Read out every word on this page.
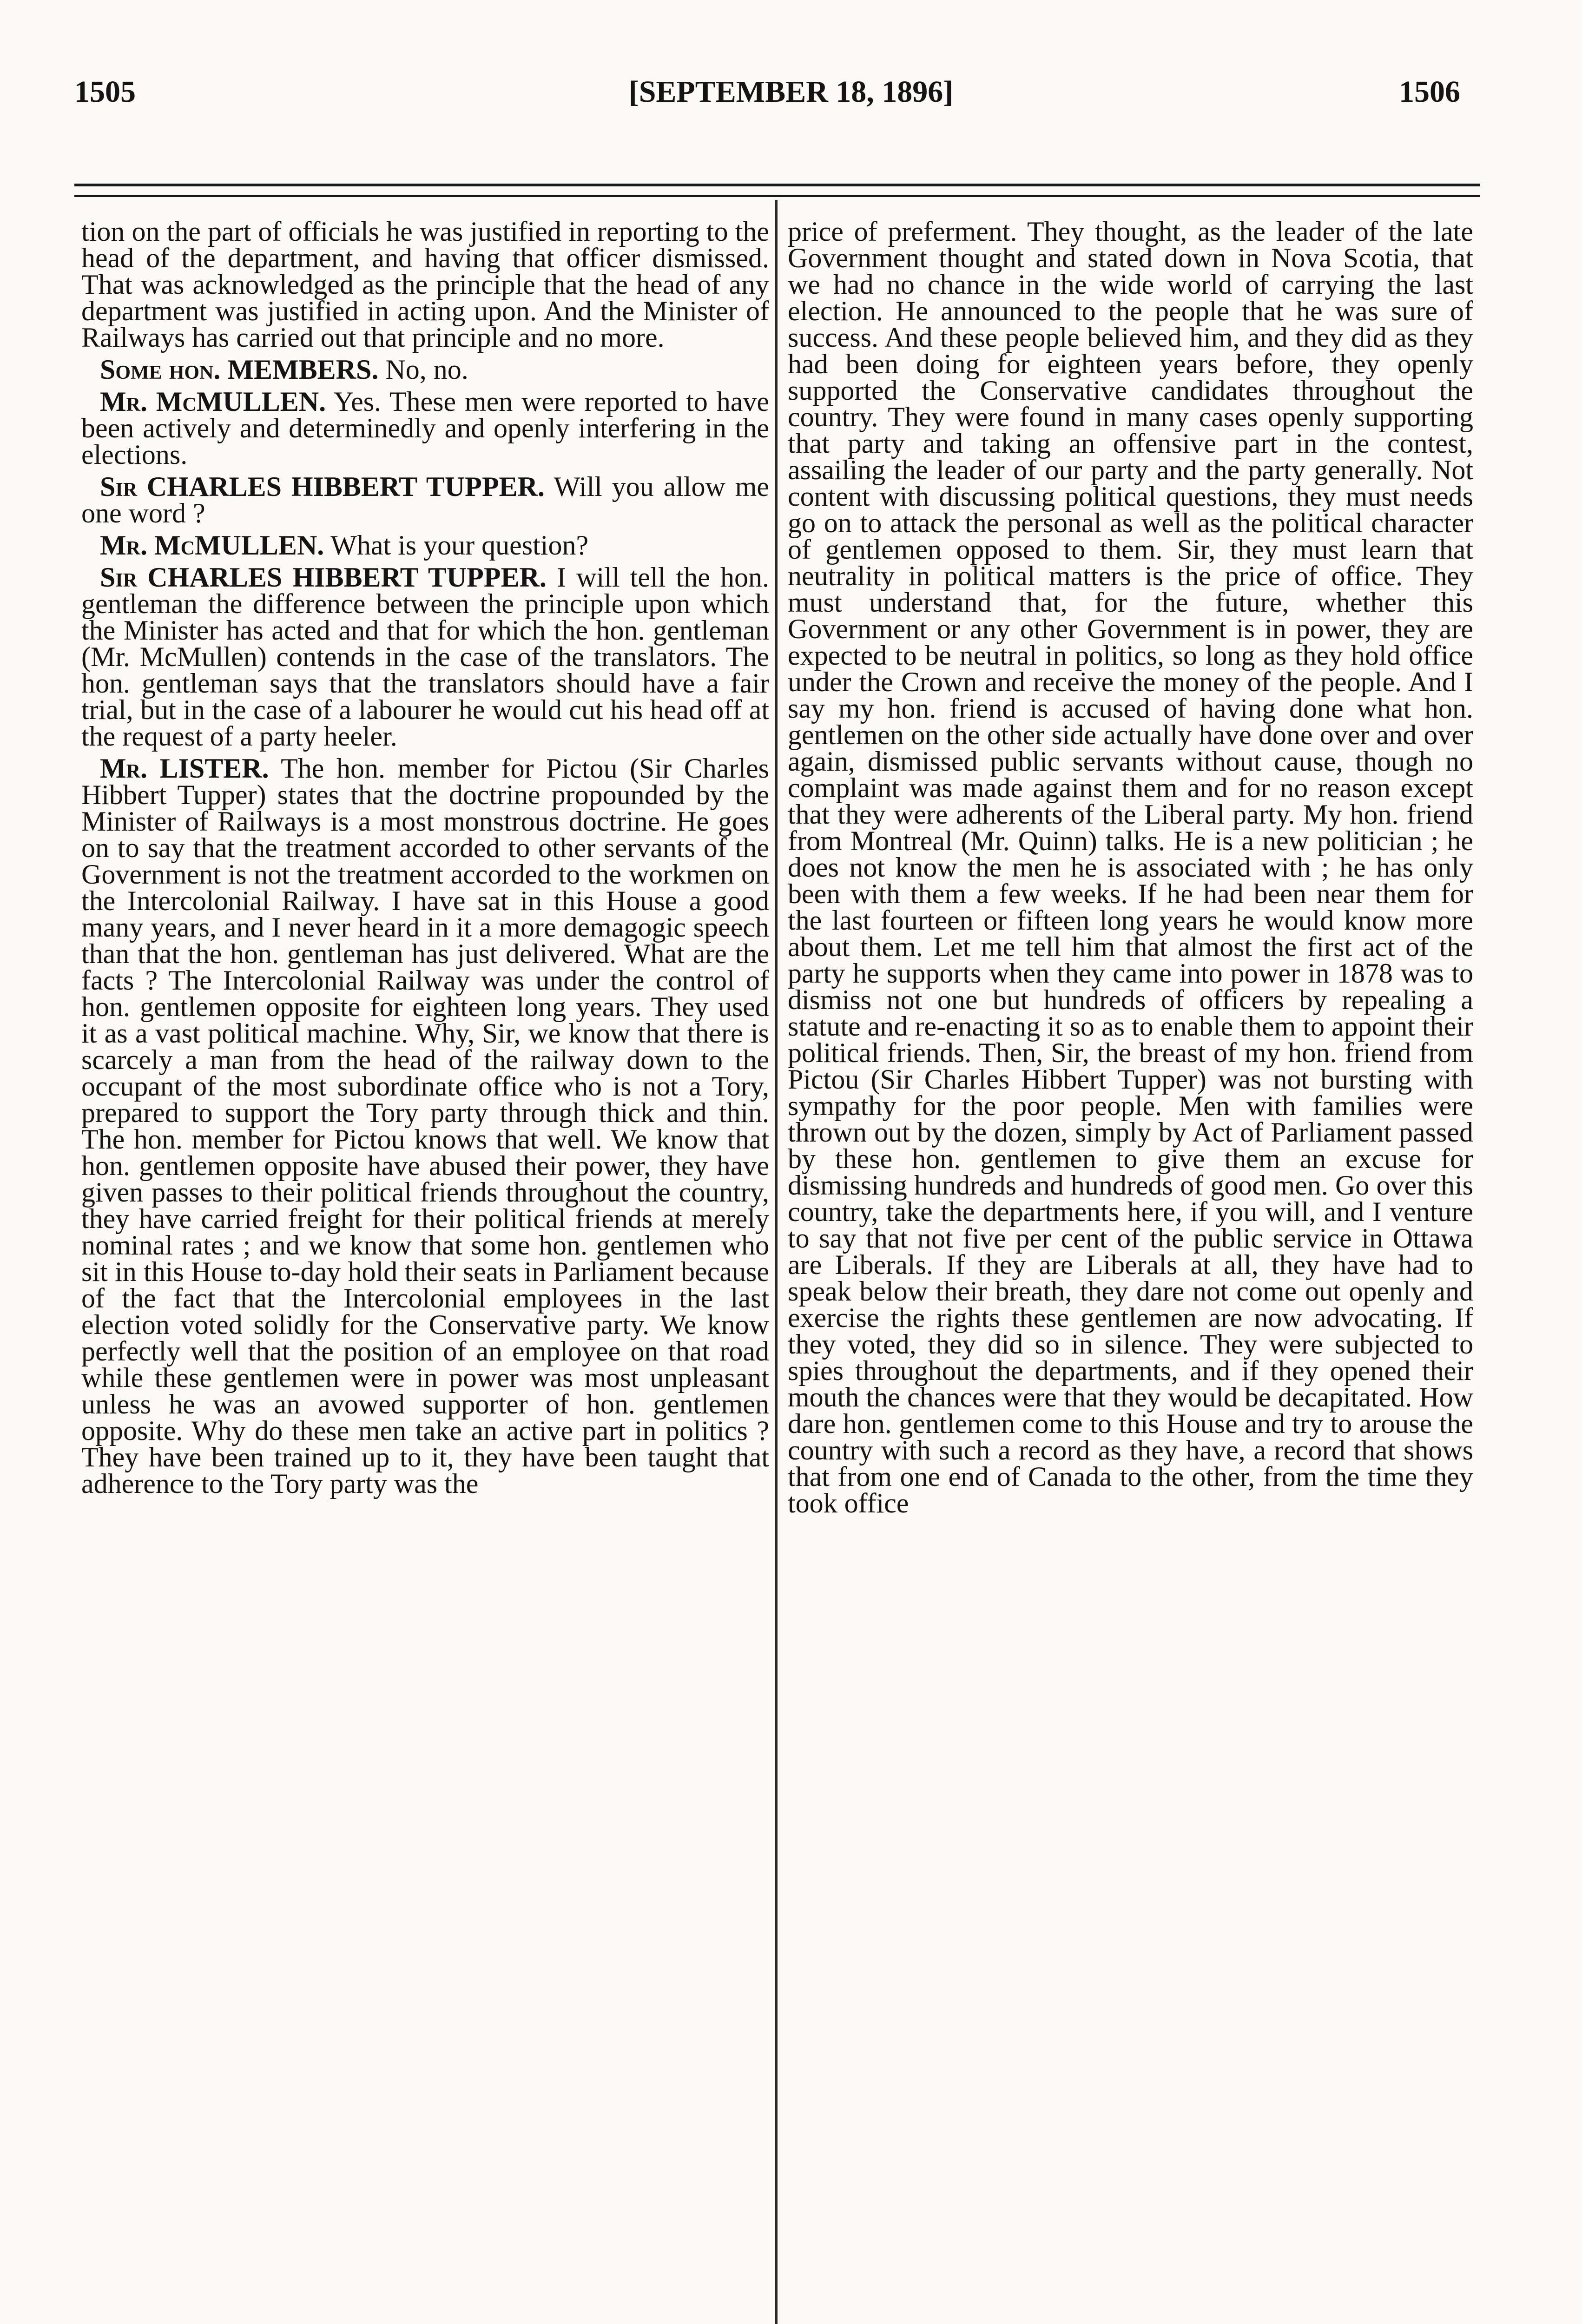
1505	[SEPTEMBER 18, 1896]	1506

tion on the part of officials he was justified in reporting to the head of the department, and having that officer dismissed. That was acknowledged as the principle that the head of any department was justified in acting upon. And the Minister of Railways has carried out that principle and no more.

Some hon. MEMBERS. No, no.

Mr. McMULLEN. Yes. These men were reported to have been actively and determinedly and openly interfering in the elections.

Sir CHARLES HIBBERT TUPPER. Will you allow me one word ?

Mr. McMULLEN. What is your question?

Sir CHARLES HIBBERT TUPPER. I will tell the hon. gentleman the difference between the principle upon which the Minister has acted and that for which the hon. gentleman (Mr. McMullen) contends in the case of the translators. The hon. gentleman says that the translators should have a fair trial, but in the case of a labourer he would cut his head off at the request of a party heeler.

Mr. LISTER. The hon. member for Pictou (Sir Charles Hibbert Tupper) states that the doctrine propounded by the Minister of Railways is a most monstrous doctrine. He goes on to say that the treatment accorded to other servants of the Government is not the treatment accorded to the workmen on the Intercolonial Railway. I have sat in this House a good many years, and I never heard in it a more demagogic speech than that the hon. gentleman has just delivered. What are the facts ? The Intercolonial Railway was under the control of hon. gentlemen opposite for eighteen long years. They used it as a vast political machine. Why, Sir, we know that there is scarcely a man from the head of the railway down to the occupant of the most subordinate office who is not a Tory, prepared to support the Tory party through thick and thin. The hon. member for Pictou knows that well. We know that hon. gentlemen opposite have abused their power, they have given passes to their political friends throughout the country, they have carried freight for their political friends at merely nominal rates ; and we know that some hon. gentlemen who sit in this House to-day hold their seats in Parliament because of the fact that the Intercolonial employees in the last election voted solidly for the Conservative party. We know perfectly well that the position of an employee on that road while these gentlemen were in power was most unpleasant unless he was an avowed supporter of hon. gentlemen opposite. Why do these men take an active part in politics ? They have been trained up to it, they have been taught that adherence to the Tory party was the

price of preferment. They thought, as the leader of the late Government thought and stated down in Nova Scotia, that we had no chance in the wide world of carrying the last election. He announced to the people that he was sure of success. And these people believed him, and they did as they had been doing for eighteen years before, they openly supported the Conservative candidates throughout the country. They were found in many cases openly supporting that party and taking an offensive part in the contest, assailing the leader of our party and the party generally. Not content with discussing political questions, they must needs go on to attack the personal as well as the political character of gentlemen opposed to them. Sir, they must learn that neutrality in political matters is the price of office. They must understand that, for the future, whether this Government or any other Government is in power, they are expected to be neutral in politics, so long as they hold office under the Crown and receive the money of the people. And I say my hon. friend is accused of having done what hon. gentlemen on the other side actually have done over and over again, dismissed public servants without cause, though no complaint was made against them and for no reason except that they were adherents of the Liberal party. My hon. friend from Montreal (Mr. Quinn) talks. He is a new politician ; he does not know the men he is associated with ; he has only been with them a few weeks. If he had been near them for the last fourteen or fifteen long years he would know more about them. Let me tell him that almost the first act of the party he supports when they came into power in 1878 was to dismiss not one but hundreds of officers by repealing a statute and re-enacting it so as to enable them to appoint their political friends. Then, Sir, the breast of my hon. friend from Pictou (Sir Charles Hibbert Tupper) was not bursting with sympathy for the poor people. Men with families were thrown out by the dozen, simply by Act of Parliament passed by these hon. gentlemen to give them an excuse for dismissing hundreds and hundreds of good men. Go over this country, take the departments here, if you will, and I venture to say that not five per cent of the public service in Ottawa are Liberals. If they are Liberals at all, they have had to speak below their breath, they dare not come out openly and exercise the rights these gentlemen are now advocating. If they voted, they did so in silence. They were subjected to spies throughout the departments, and if they opened their mouth the chances were that they would be decapitated. How dare hon. gentlemen come to this House and try to arouse the country with such a record as they have, a record that shows that from one end of Canada to the other, from the time they took office
